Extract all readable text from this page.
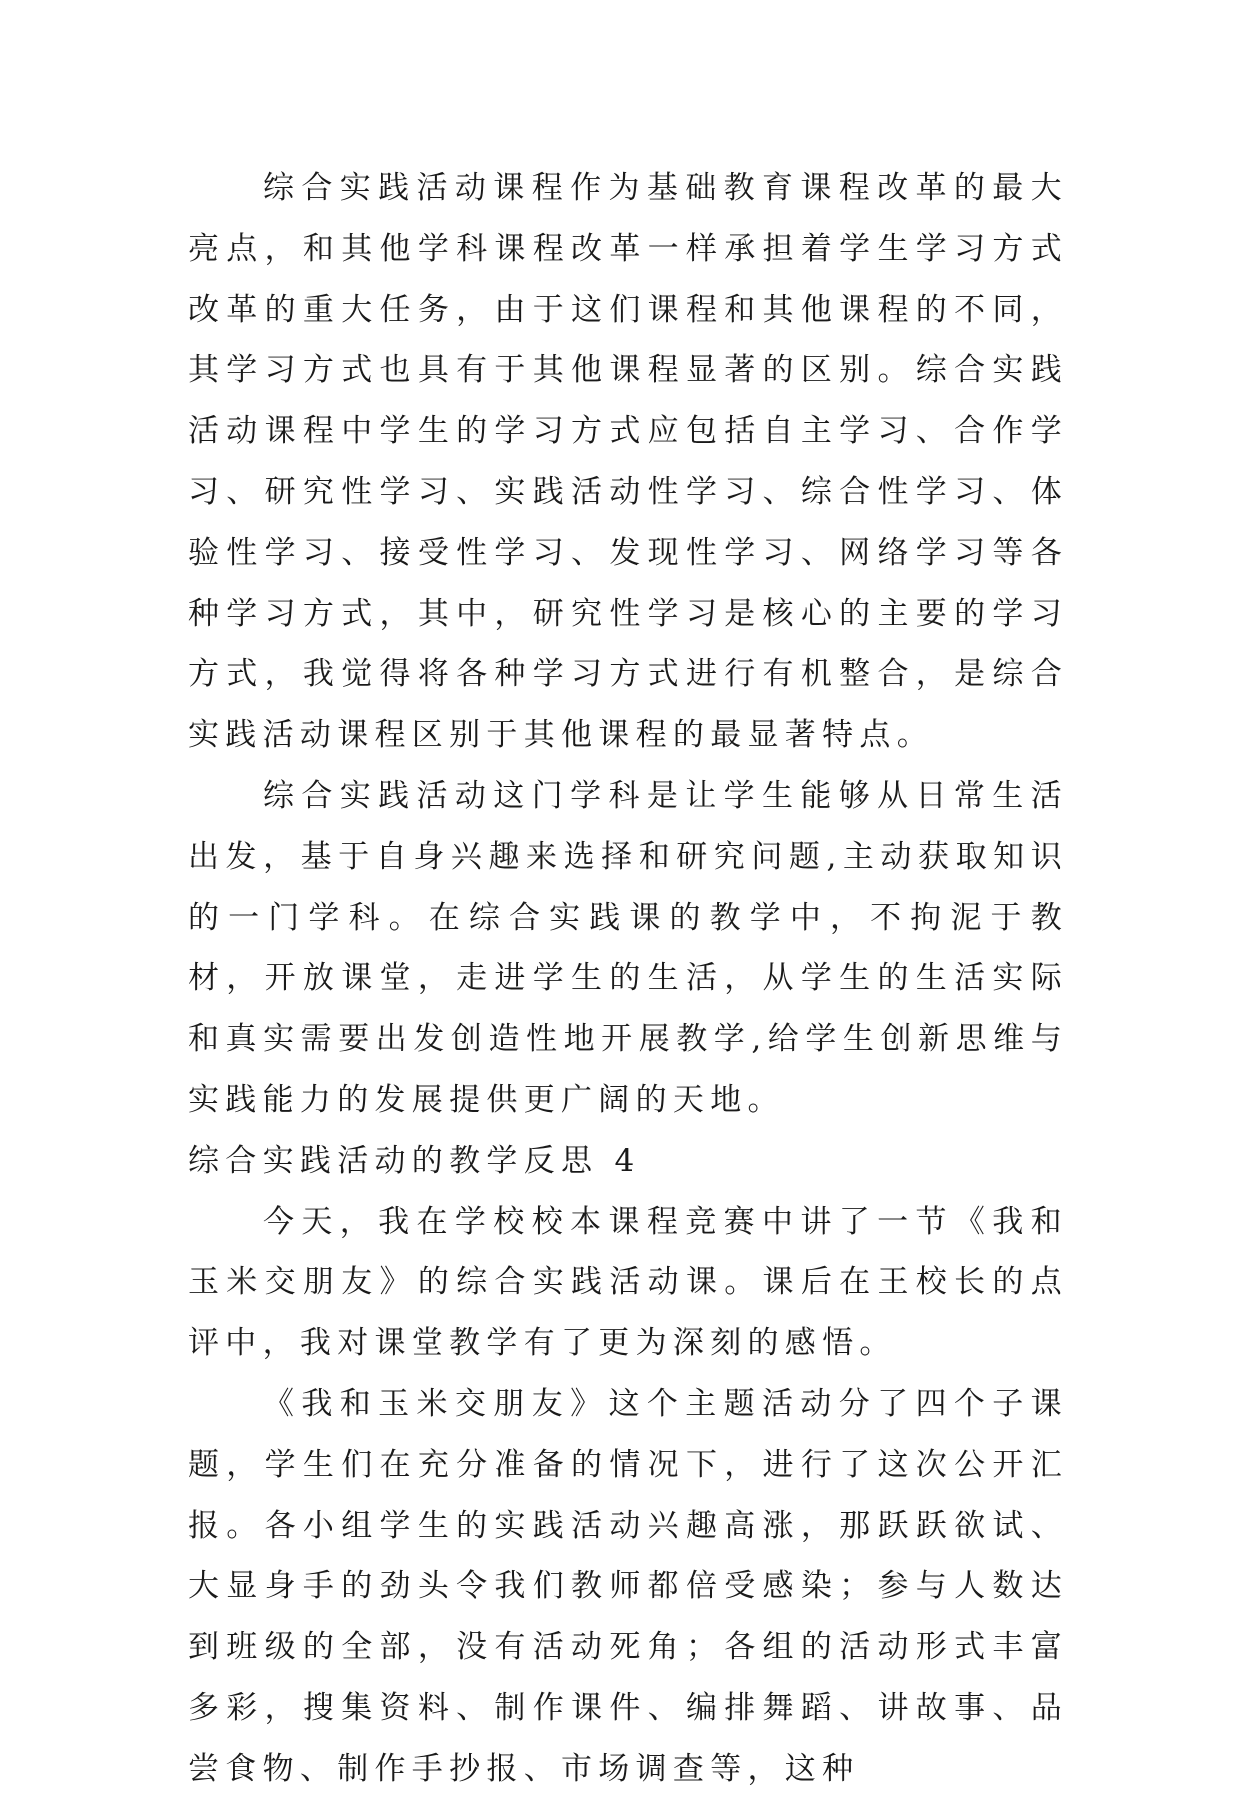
综合实践活动课程作为基础教育课程改革的最大亮点，和其他学科课程改革一样承担着学生学习方式改革的重大任务，由于这们课程和其他课程的不同，其学习方式也具有于其他课程显著的区别。综合实践活动课程中学生的学习方式应包括自主学习、合作学习、研究性学习、实践活动性学习、综合性学习、体验性学习、接受性学习、发现性学习、网络学习等各种学习方式，其中，研究性学习是核心的主要的学习方式，我觉得将各种学习方式进行有机整合，是综合实践活动课程区别于其他课程的最显著特点。

综合实践活动这门学科是让学生能够从日常生活出发，基于自身兴趣来选择和研究问题,主动获取知识的一门学科。在综合实践课的教学中，不拘泥于教材，开放课堂，走进学生的生活，从学生的生活实际和真实需要出发创造性地开展教学,给学生创新思维与实践能力的发展提供更广阔的天地。

综合实践活动的教学反思 4

今天，我在学校校本课程竞赛中讲了一节《我和玉米交朋友》的综合实践活动课。课后在王校长的点评中，我对课堂教学有了更为深刻的感悟。

《我和玉米交朋友》这个主题活动分了四个子课题，学生们在充分准备的情况下，进行了这次公开汇报。各小组学生的实践活动兴趣高涨，那跃跃欲试、大显身手的劲头令我们教师都倍受感染；参与人数达到班级的全部，没有活动死角；各组的活动形式丰富多彩，搜集资料、制作课件、编排舞蹈、讲故事、品尝食物、制作手抄报、市场调查等，这种
